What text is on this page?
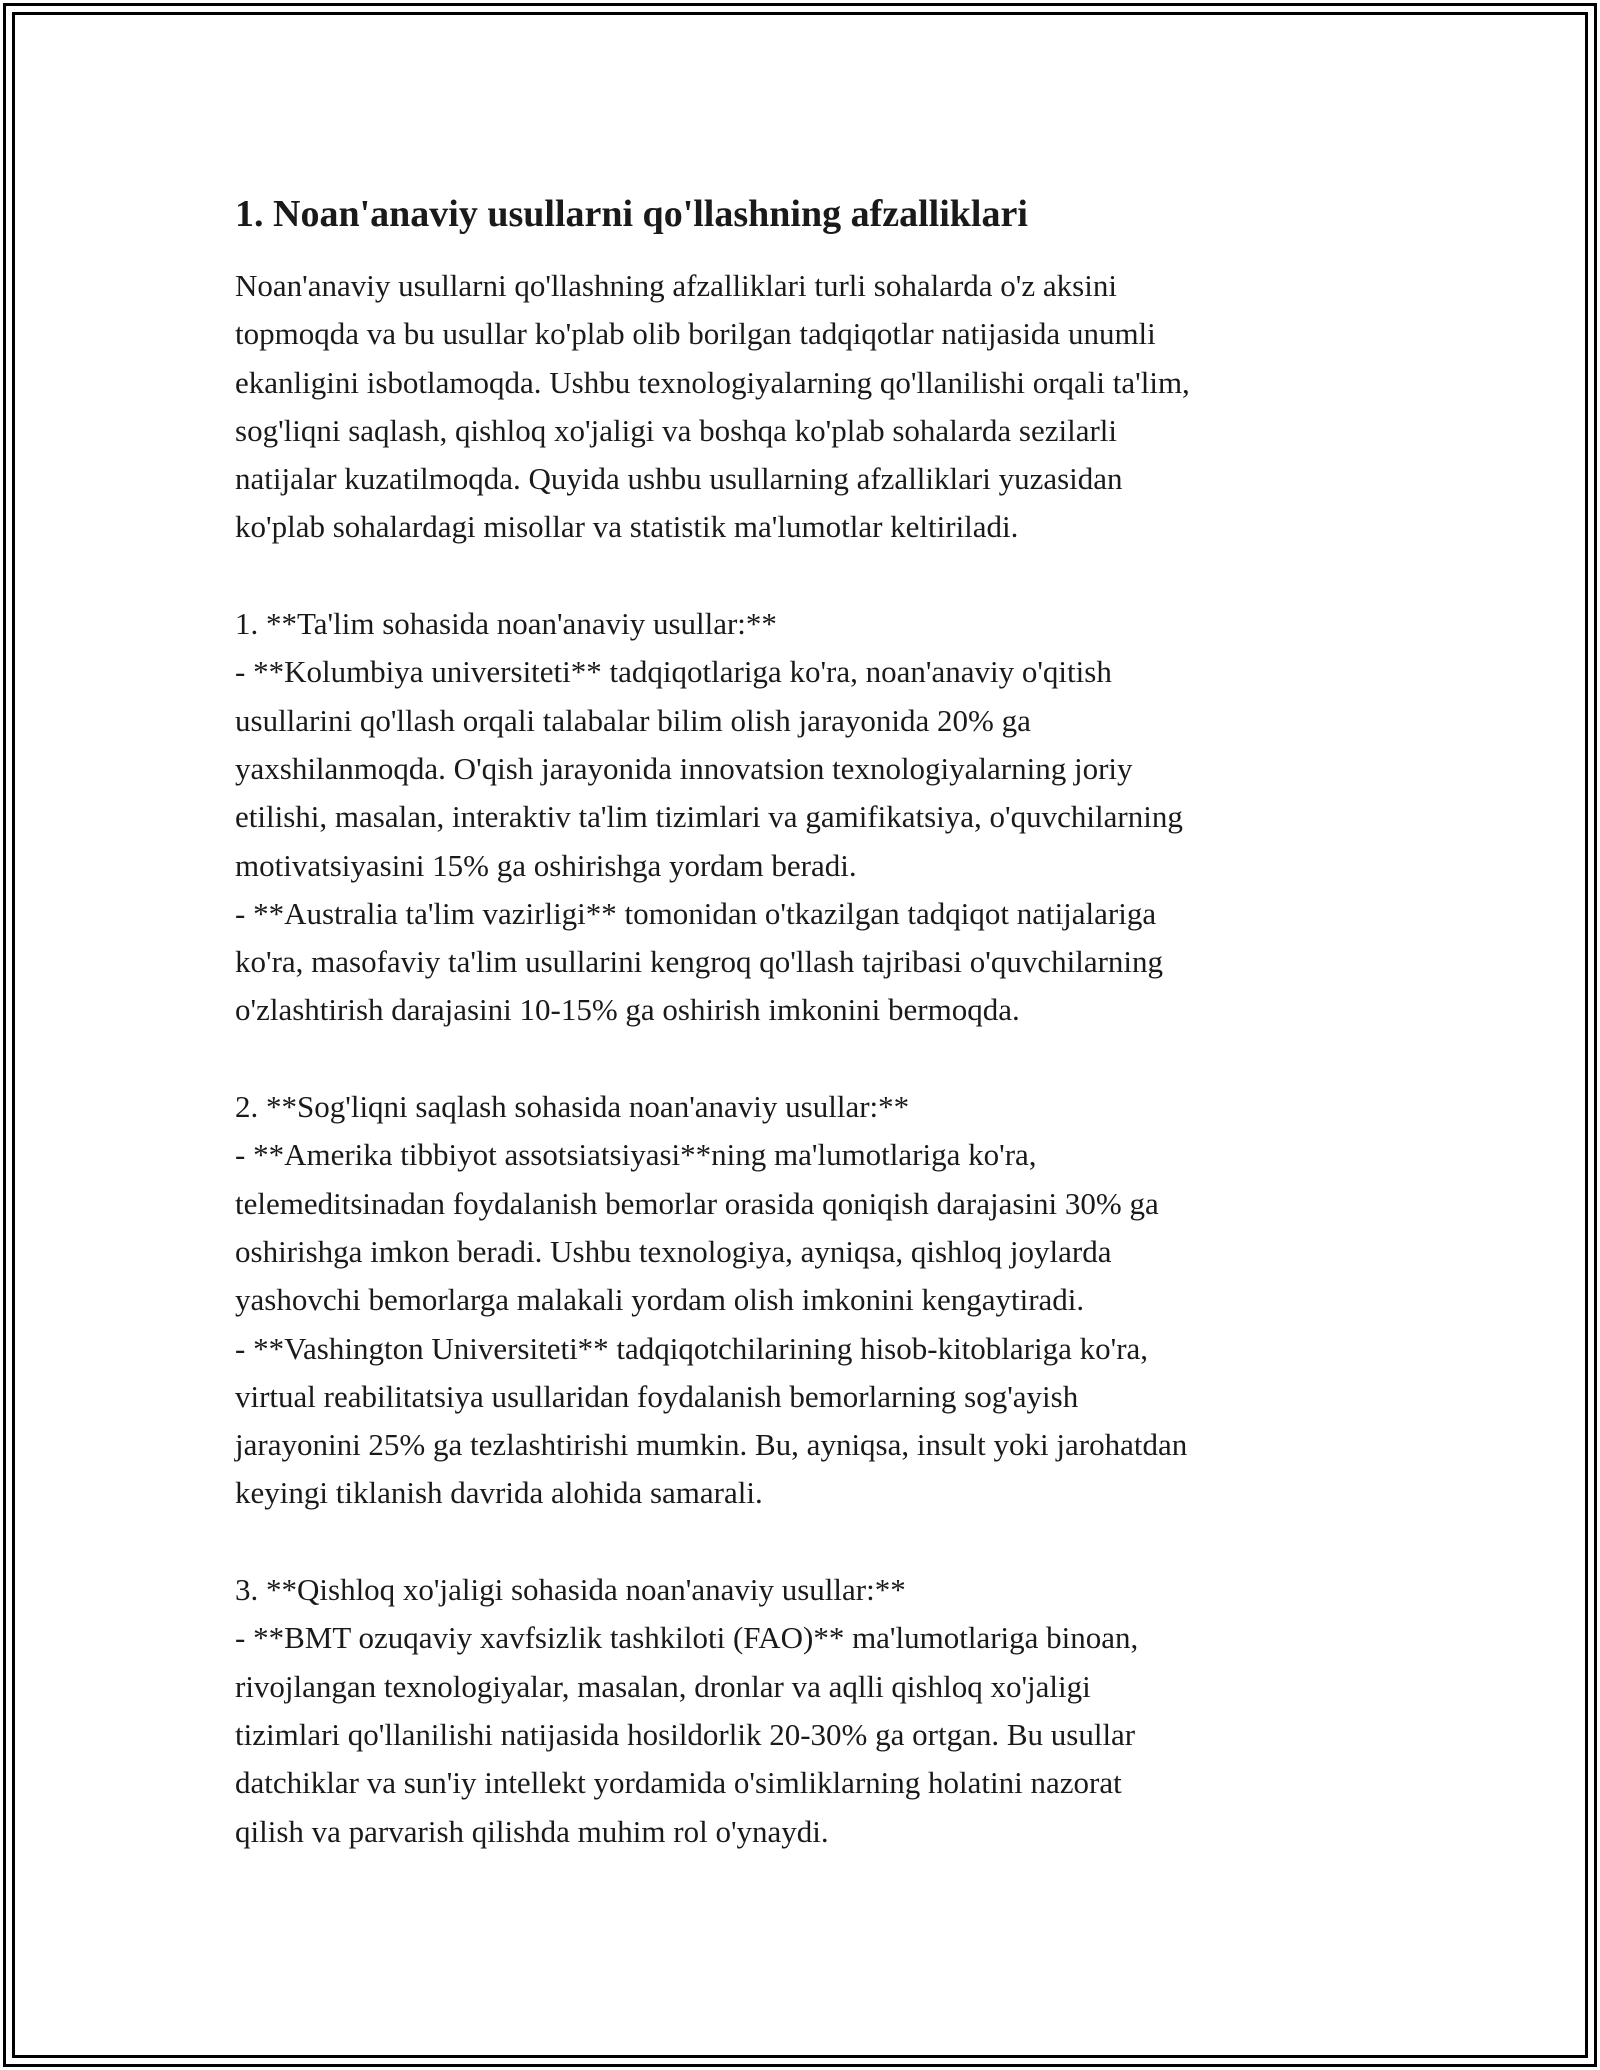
1. Noan'anaviy usullarni qo'llashning afzalliklari

Noan'anaviy usullarni qo'llashning afzalliklari turli sohalarda o'z aksini
topmoqda va bu usullar ko'plab olib borilgan tadqiqotlar natijasida unumli
ekanligini isbotlamoqda. Ushbu texnologiyalarning qo'llanilishi orqali ta'lim,
sog'liqni saqlash, qishloq xo'jaligi va boshqa ko'plab sohalarda sezilarli
natijalar kuzatilmoqda. Quyida ushbu usullarning afzalliklari yuzasidan
ko'plab sohalardagi misollar va statistik ma'lumotlar keltiriladi.

1. **Ta'lim sohasida noan'anaviy usullar:**

- **Kolumbiya universiteti** tadqiqotlariga ko'ra, noan'anaviy o'qitish
usullarini qo'llash orqali talabalar bilim olish jarayonida 20% ga
yaxshilanmoqda. O'qish jarayonida innovatsion texnologiyalarning joriy
etilishi, masalan, interaktiv ta'lim tizimlari va gamifikatsiya, o'quvchilarning
motivatsiyasini 15% ga oshirishga yordam beradi.

- **Australia ta'lim vazirligi** tomonidan o'tkazilgan tadqiqot natijalariga
ko'ra, masofaviy ta'lim usullarini kengroq qo'llash tajribasi o'quvchilarning
o'zlashtirish darajasini 10-15% ga oshirish imkonini bermoqda.

2. **Sog'liqni saqlash sohasida noan'anaviy usullar:**

- **Amerika tibbiyot assotsiatsiyasi**ning ma'lumotlariga ko'ra,
telemeditsinadan foydalanish bemorlar orasida qoniqish darajasini 30% ga
oshirishga imkon beradi. Ushbu texnologiya, ayniqsa, qishloq joylarda
yashovchi bemorlarga malakali yordam olish imkonini kengaytiradi.

- **Vashington Universiteti** tadqiqotchilarining hisob-kitoblariga ko'ra,
virtual reabilitatsiya usullaridan foydalanish bemorlarning sog'ayish
jarayonini 25% ga tezlashtirishi mumkin. Bu, ayniqsa, insult yoki jarohatdan
keyingi tiklanish davrida alohida samarali.

3. **Qishloq xo'jaligi sohasida noan'anaviy usullar:**

- **BMT ozuqaviy xavfsizlik tashkiloti (FAO)** ma'lumotlariga binoan,
rivojlangan texnologiyalar, masalan, dronlar va aqlli qishloq xo'jaligi
tizimlari qo'llanilishi natijasida hosildorlik 20-30% ga ortgan. Bu usullar
datchiklar va sun'iy intellekt yordamida o'simliklarning holatini nazorat
qilish va parvarish qilishda muhim rol o'ynaydi.
